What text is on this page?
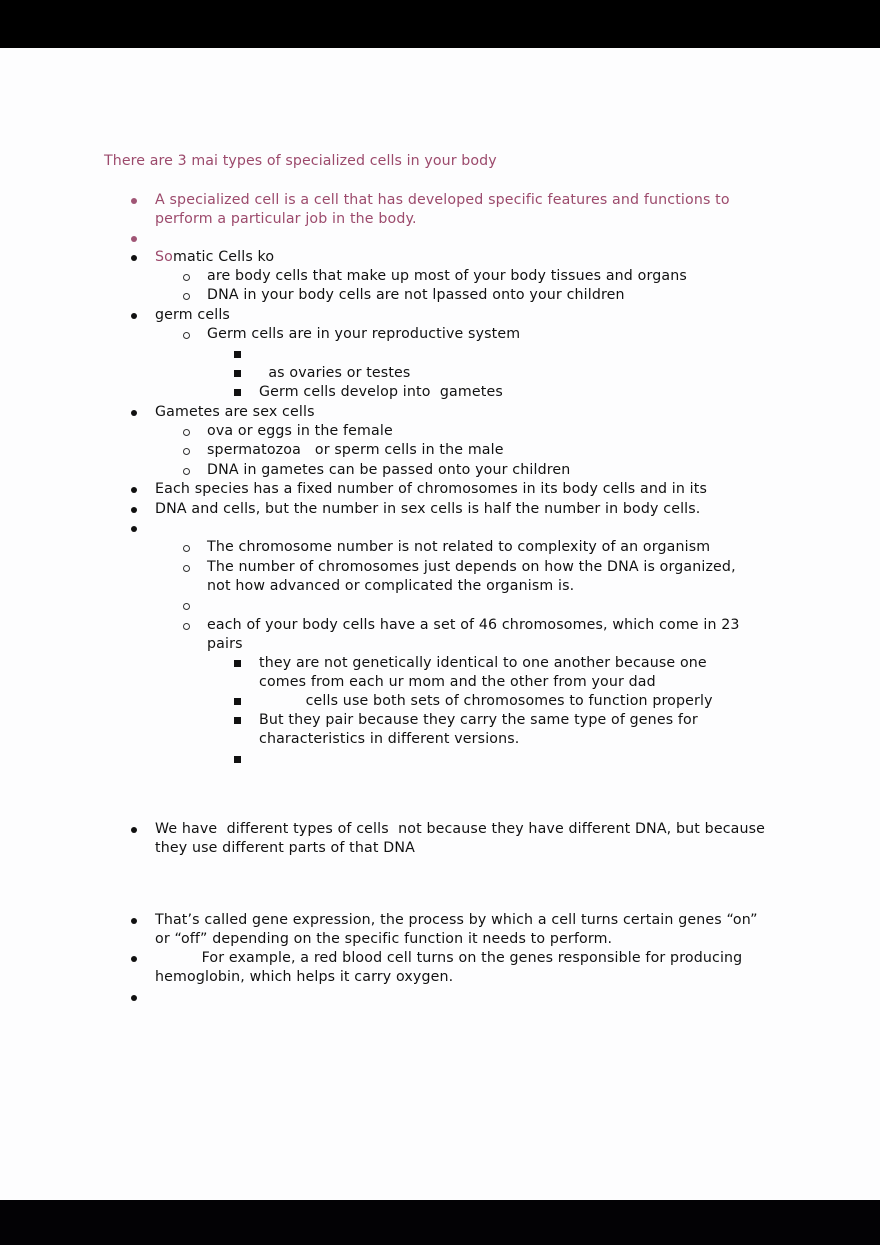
There are 3 mai types of specialized cells in your body
A specialized cell is a cell that has developed specific features and functions to
perform a particular job in the body.
Somatic Cells ko
are body cells that make up most of your body tissues and organs
DNA in your body cells are not lpassed onto your children
germ cells
Germ cells are in your reproductive system
as ovaries or testes
Germ cells develop into  gametes
Gametes are sex cells
ova or eggs in the female
spermatozoa   or sperm cells in the male
DNA in gametes can be passed onto your children
Each species has a fixed number of chromosomes in its body cells and in its
DNA and cells, but the number in sex cells is half the number in body cells.
The chromosome number is not related to complexity of an organism
The number of chromosomes just depends on how the DNA is organized,
not how advanced or complicated the organism is.
each of your body cells have a set of 46 chromosomes, which come in 23
pairs
they are not genetically identical to one another because one
comes from each ur mom and the other from your dad
cells use both sets of chromosomes to function properly
But they pair because they carry the same type of genes for
characteristics in different versions.
We have  different types of cells  not because they have different DNA, but because
they use different parts of that DNA
That’s called gene expression, the process by which a cell turns certain genes “on”
or “off” depending on the specific function it needs to perform.
For example, a red blood cell turns on the genes responsible for producing
hemoglobin, which helps it carry oxygen.
